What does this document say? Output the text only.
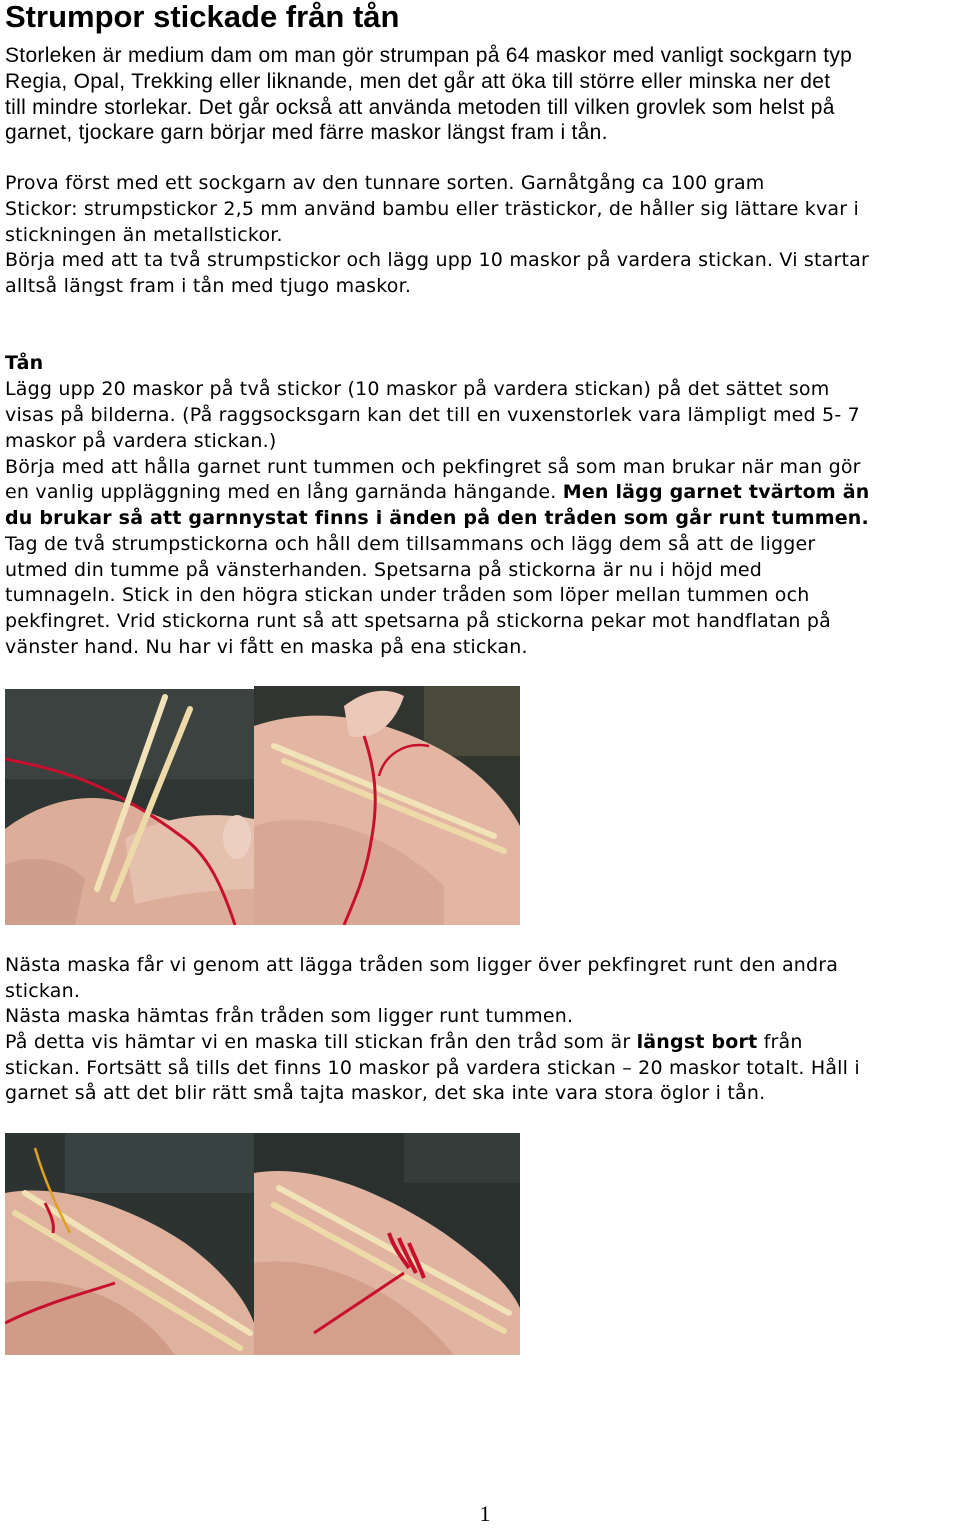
Strumpor stickade från tån

Storleken är medium dam om man gör strumpan på 64 maskor med vanligt sockgarn typ

Regia, Opal, Trekking eller liknande, men det går att öka till större eller minska ner det

till mindre storlekar. Det går också att använda metoden till vilken grovlek som helst på

garnet, tjockare garn börjar med färre maskor längst fram i tån.

Prova först med ett sockgarn av den tunnare sorten. Garnåtgång ca 100 gram

Stickor: strumpstickor 2,5 mm använd bambu eller trästickor, de håller sig lättare kvar i

stickningen än metallstickor.

Börja med att ta två strumpstickor och lägg upp 10 maskor på vardera stickan. Vi startar

alltså längst fram i tån med tjugo maskor.

Tån

Lägg upp 20 maskor på två stickor (10 maskor på vardera stickan) på det sättet som

visas på bilderna. (På raggsocksgarn kan det till en vuxenstorlek vara lämpligt med 5- 7

maskor på vardera stickan.)

Börja med att hålla garnet runt tummen och pekfingret så som man brukar när man gör

en vanlig uppläggning med en lång garnända hängande. Men lägg garnet tvärtom än

du brukar så att garnnystat finns i änden på den tråden som går runt tummen.

Tag de två strumpstickorna och håll dem tillsammans och lägg dem så att de ligger

utmed din tumme på vänsterhanden. Spetsarna på stickorna är nu i höjd med

tumnageln. Stick in den högra stickan under tråden som löper mellan tummen och

pekfingret. Vrid stickorna runt så att spetsarna på stickorna pekar mot handflatan på

vänster hand. Nu har vi fått en maska på ena stickan.

Nästa maska får vi genom att lägga tråden som ligger över pekfingret runt den andra

stickan.

Nästa maska hämtas från tråden som ligger runt tummen.

På detta vis hämtar vi en maska till stickan från den tråd som är längst bort från

stickan. Fortsätt så tills det finns 10 maskor på vardera stickan – 20 maskor totalt. Håll i

garnet så att det blir rätt små tajta maskor, det ska inte vara stora öglor i tån.

1
